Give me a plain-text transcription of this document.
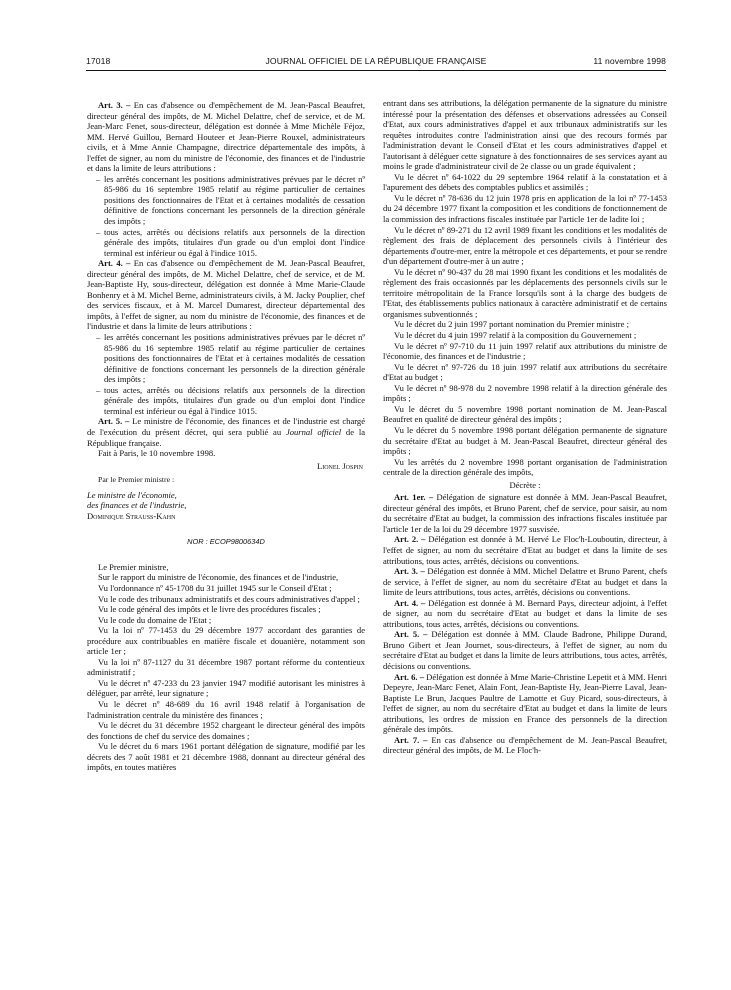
17018	JOURNAL OFFICIEL DE LA RÉPUBLIQUE FRANÇAISE	11 novembre 1998

Art. 3. – En cas d'absence ou d'empêchement de M. Jean-Pascal Beaufret, directeur général des impôts, de M. Michel Delattre, chef de service, et de M. Jean-Marc Fenet, sous-directeur, délégation est donnée à Mme Michèle Féjoz, MM. Hervé Guillou, Bernard Houteer et Jean-Pierre Rouxel, administrateurs civils, et à Mme Annie Champagne, directrice départementale des impôts, à l'effet de signer, au nom du ministre de l'économie, des finances et de l'industrie et dans la limite de leurs attributions :

– les arrêtés concernant les positions administratives prévues par le décret nº 85-986 du 16 septembre 1985 relatif au régime particulier de certaines positions des fonctionnaires de l'Etat et à certaines modalités de cessation définitive de fonctions concernant les personnels de la direction générale des impôts ;
– tous actes, arrêtés ou décisions relatifs aux personnels de la direction générale des impôts, titulaires d'un grade ou d'un emploi dont l'indice terminal est inférieur ou égal à l'indice 1015.

Art. 4. – En cas d'absence ou d'empêchement de M. Jean-Pascal Beaufret, directeur général des impôts, de M. Michel Delattre, chef de service, et de M. Jean-Baptiste Hy, sous-directeur, délégation est donnée à Mme Marie-Claude Bonhenry et à M. Michel Berne, administrateurs civils, à M. Jacky Pouplier, chef des services fiscaux, et à M. Marcel Dumarest, directeur départemental des impôts, à l'effet de signer, au nom du ministre de l'économie, des finances et de l'industrie et dans la limite de leurs attributions :

– les arrêtés concernant les positions administratives prévues par le décret nº 85-986 du 16 septembre 1985 relatif au régime particulier de certaines positions des fonctionnaires de l'Etat et à certaines modalités de cessation définitive de fonctions concernant les personnels de la direction générale des impôts ;
– tous actes, arrêtés ou décisions relatifs aux personnels de la direction générale des impôts, titulaires d'un grade ou d'un emploi dont l'indice terminal est inférieur ou égal à l'indice 1015.

Art. 5. – Le ministre de l'économie, des finances et de l'industrie est chargé de l'exécution du présent décret, qui sera publié au Journal officiel de la République française.

Fait à Paris, le 10 novembre 1998.

Lionel Jospin
Par le Premier ministre :
Le ministre de l'économie,
des finances et de l'industrie,
Dominique Strauss-Kahn
NOR : ECOP9800634D

Le Premier ministre,

Sur le rapport du ministre de l'économie, des finances et de l'industrie,

Vu l'ordonnance nº 45-1708 du 31 juillet 1945 sur le Conseil d'Etat ;

Vu le code des tribunaux administratifs et des cours administratives d'appel ;

Vu le code général des impôts et le livre des procédures fiscales ;

Vu le code du domaine de l'Etat ;

Vu la loi nº 77-1453 du 29 décembre 1977 accordant des garanties de procédure aux contribuables en matière fiscale et douanière, notamment son article 1er ;

Vu la loi nº 87-1127 du 31 décembre 1987 portant réforme du contentieux administratif ;

Vu le décret nº 47-233 du 23 janvier 1947 modifié autorisant les ministres à déléguer, par arrêté, leur signature ;

Vu le décret nº 48-689 du 16 avril 1948 relatif à l'organisation de l'administration centrale du ministère des finances ;

Vu le décret du 31 décembre 1952 chargeant le directeur général des impôts des fonctions de chef du service des domaines ;

Vu le décret du 6 mars 1961 portant délégation de signature, modifié par les décrets des 7 août 1981 et 21 décembre 1988, donnant au directeur général des impôts, en toutes matières

entrant dans ses attributions, la délégation permanente de la signature du ministre intéressé pour la présentation des défenses et observations adressées au Conseil d'Etat, aux cours administratives d'appel et aux tribunaux administratifs sur les requêtes introduites contre l'administration ainsi que des recours formés par l'administration devant le Conseil d'Etat et les cours administratives d'appel et l'autorisant à déléguer cette signature à des fonctionnaires de ses services ayant au moins le grade d'administrateur civil de 2e classe ou un grade équivalent ;

Vu le décret nº 64-1022 du 29 septembre 1964 relatif à la constatation et à l'apurement des débets des comptables publics et assimilés ;

Vu le décret nº 78-636 du 12 juin 1978 pris en application de la loi nº 77-1453 du 24 décembre 1977 fixant la composition et les conditions de fonctionnement de la commission des infractions fiscales instituée par l'article 1er de ladite loi ;

Vu le décret nº 89-271 du 12 avril 1989 fixant les conditions et les modalités de règlement des frais de déplacement des personnels civils à l'intérieur des départements d'outre-mer, entre la métropole et ces départements, et pour se rendre d'un département d'outre-mer à un autre ;

Vu le décret nº 90-437 du 28 mai 1990 fixant les conditions et les modalités de règlement des frais occasionnés par les déplacements des personnels civils sur le territoire métropolitain de la France lorsqu'ils sont à la charge des budgets de l'Etat, des établissements publics nationaux à caractère administratif et de certains organismes subventionnés ;

Vu le décret du 2 juin 1997 portant nomination du Premier ministre ;

Vu le décret du 4 juin 1997 relatif à la composition du Gouvernement ;

Vu le décret nº 97-710 du 11 juin 1997 relatif aux attributions du ministre de l'économie, des finances et de l'industrie ;

Vu le décret nº 97-726 du 18 juin 1997 relatif aux attributions du secrétaire d'Etat au budget ;

Vu le décret nº 98-978 du 2 novembre 1998 relatif à la direction générale des impôts ;

Vu le décret du 5 novembre 1998 portant nomination de M. Jean-Pascal Beaufret en qualité de directeur général des impôts ;

Vu le décret du 5 novembre 1998 portant délégation permanente de signature du secrétaire d'Etat au budget à M. Jean-Pascal Beaufret, directeur général des impôts ;

Vu les arrêtés du 2 novembre 1998 portant organisation de l'administration centrale de la direction générale des impôts,

Décrète :

Art. 1er. – Délégation de signature est donnée à MM. Jean-Pascal Beaufret, directeur général des impôts, et Bruno Parent, chef de service, pour saisir, au nom du secrétaire d'Etat au budget, la commission des infractions fiscales instituée par l'article 1er de la loi du 29 décembre 1977 susvisée.

Art. 2. – Délégation est donnée à M. Hervé Le Floc'h-Louboutin, directeur, à l'effet de signer, au nom du secrétaire d'Etat au budget et dans la limite de ses attributions, tous actes, arrêtés, décisions ou conventions.

Art. 3. – Délégation est donnée à MM. Michel Delattre et Bruno Parent, chefs de service, à l'effet de signer, au nom du secrétaire d'Etat au budget et dans la limite de leurs attributions, tous actes, arrêtés, décisions ou conventions.

Art. 4. – Délégation est donnée à M. Bernard Pays, directeur adjoint, à l'effet de signer, au nom du secrétaire d'Etat au budget et dans la limite de ses attributions, tous actes, arrêtés, décisions ou conventions.

Art. 5. – Délégation est donnée à MM. Claude Badrone, Philippe Durand, Bruno Gibert et Jean Journet, sous-directeurs, à l'effet de signer, au nom du secrétaire d'Etat au budget et dans la limite de leurs attributions, tous actes, arrêtés, décisions ou conventions.

Art. 6. – Délégation est donnée à Mme Marie-Christine Lepetit et à MM. Henri Depeyre, Jean-Marc Fenet, Alain Font, Jean-Baptiste Hy, Jean-Pierre Laval, Jean-Baptiste Le Brun, Jacques Paultre de Lamotte et Guy Picard, sous-directeurs, à l'effet de signer, au nom du secrétaire d'Etat au budget et dans la limite de leurs attributions, les ordres de mission en France des personnels de la direction générale des impôts.

Art. 7. – En cas d'absence ou d'empêchement de M. Jean-Pascal Beaufret, directeur général des impôts, de M. Le Floc'h-
